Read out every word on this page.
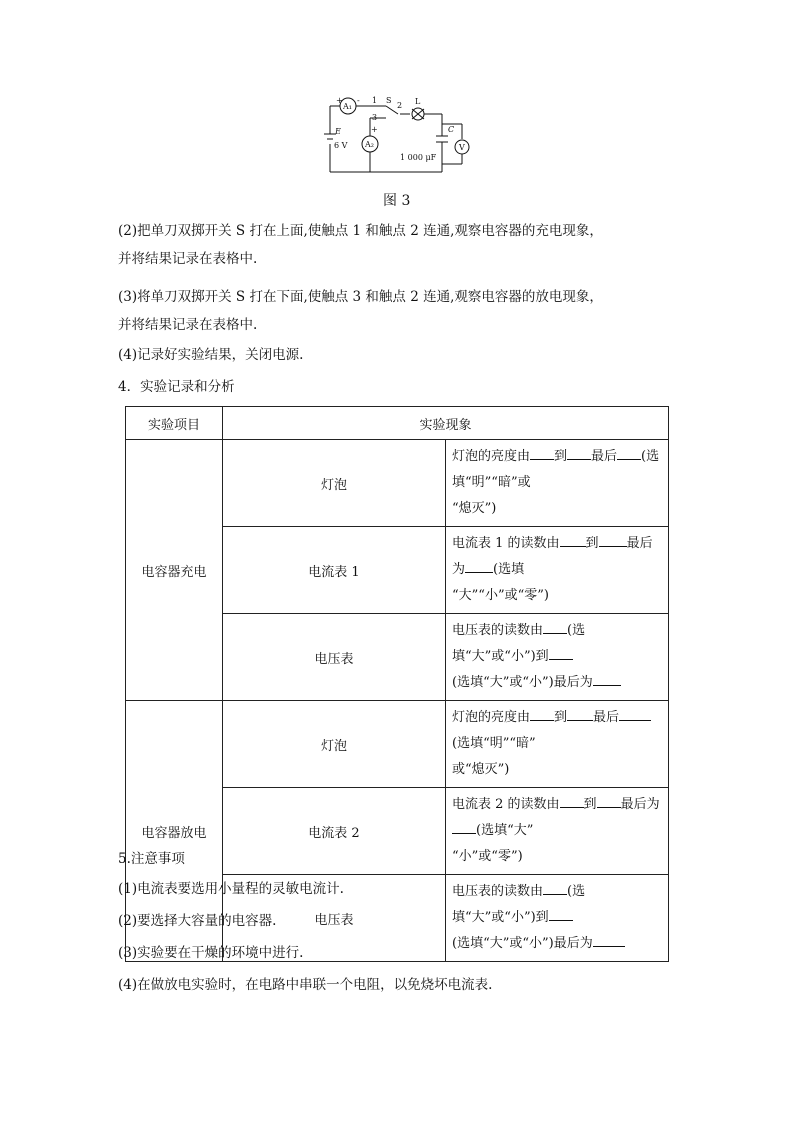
A₁
A₂	V
1
3
S
2 L
E
6 V
C
1 000 μF
+ -
+
图 3
(2)把单刀双掷开关 S 打在上面,使触点 1 和触点 2 连通,观察电容器的充电现象，
并将结果记录在表格中.
(3)将单刀双掷开关 S 打在下面,使触点 3 和触点 2 连通,观察电容器的放电现象，
并将结果记录在表格中.
(4)记录好实验结果，关闭电源.
4．实验记录和分析
实验项目	实验现象	
电容器充电	灯泡	灯泡的亮度由 到 最后 (选填“明”“暗”或
“熄灭”)
	电流表 1	电流表 1 的读数由 到 最后为 (选填
“大”“小”或“零”)
	电压表	电压表的读数由 (选填“大”或“小”)到
(选填“大”或“小”)最后为
电容器放电	灯泡	灯泡的亮度由 到 最后(选填“明”“暗”
或“熄灭”)
	电流表 2	电流表 2 的读数由 到 最后为(选填“大”
“小”或“零”)
	电压表	电压表的读数由 (选填“大”或“小”)到
(选填“大”或“小”)最后为
5.注意事项
(1)电流表要选用小量程的灵敏电流计.
(2)要选择大容量的电容器.
(3)实验要在干燥的环境中进行.
(4)在做放电实验时，在电路中串联一个电阻，以免烧坏电流表.
